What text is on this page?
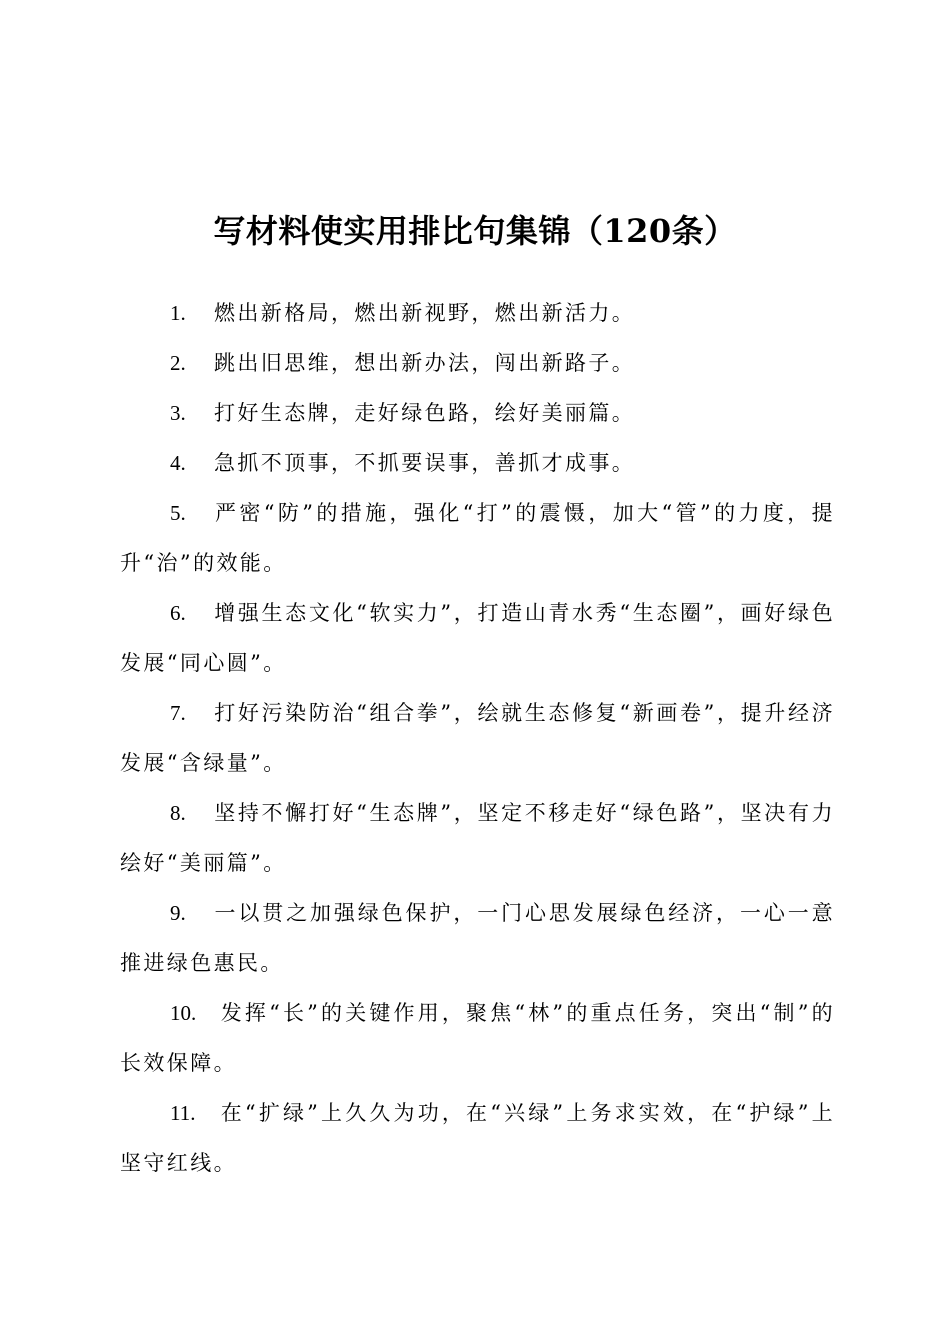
写材料使实用排比句集锦（120条）
1. 燃出新格局，燃出新视野，燃出新活力。
2. 跳出旧思维，想出新办法，闯出新路子。
3. 打好生态牌，走好绿色路，绘好美丽篇。
4. 急抓不顶事，不抓要误事，善抓才成事。
5. 严密“防”的措施，强化“打”的震慑，加大“管”的力度，提升“治”的效能。
6. 增强生态文化“软实力”，打造山青水秀“生态圈”，画好绿色发展“同心圆”。
7. 打好污染防治“组合拳”，绘就生态修复“新画卷”，提升经济发展“含绿量”。
8. 坚持不懈打好“生态牌”，坚定不移走好“绿色路”，坚决有力绘好“美丽篇”。
9. 一以贯之加强绿色保护，一门心思发展绿色经济，一心一意推进绿色惠民。
10. 发挥“长”的关键作用，聚焦“林”的重点任务，突出“制”的长效保障。
11. 在“扩绿”上久久为功，在“兴绿”上务求实效，在“护绿”上坚守红线。
